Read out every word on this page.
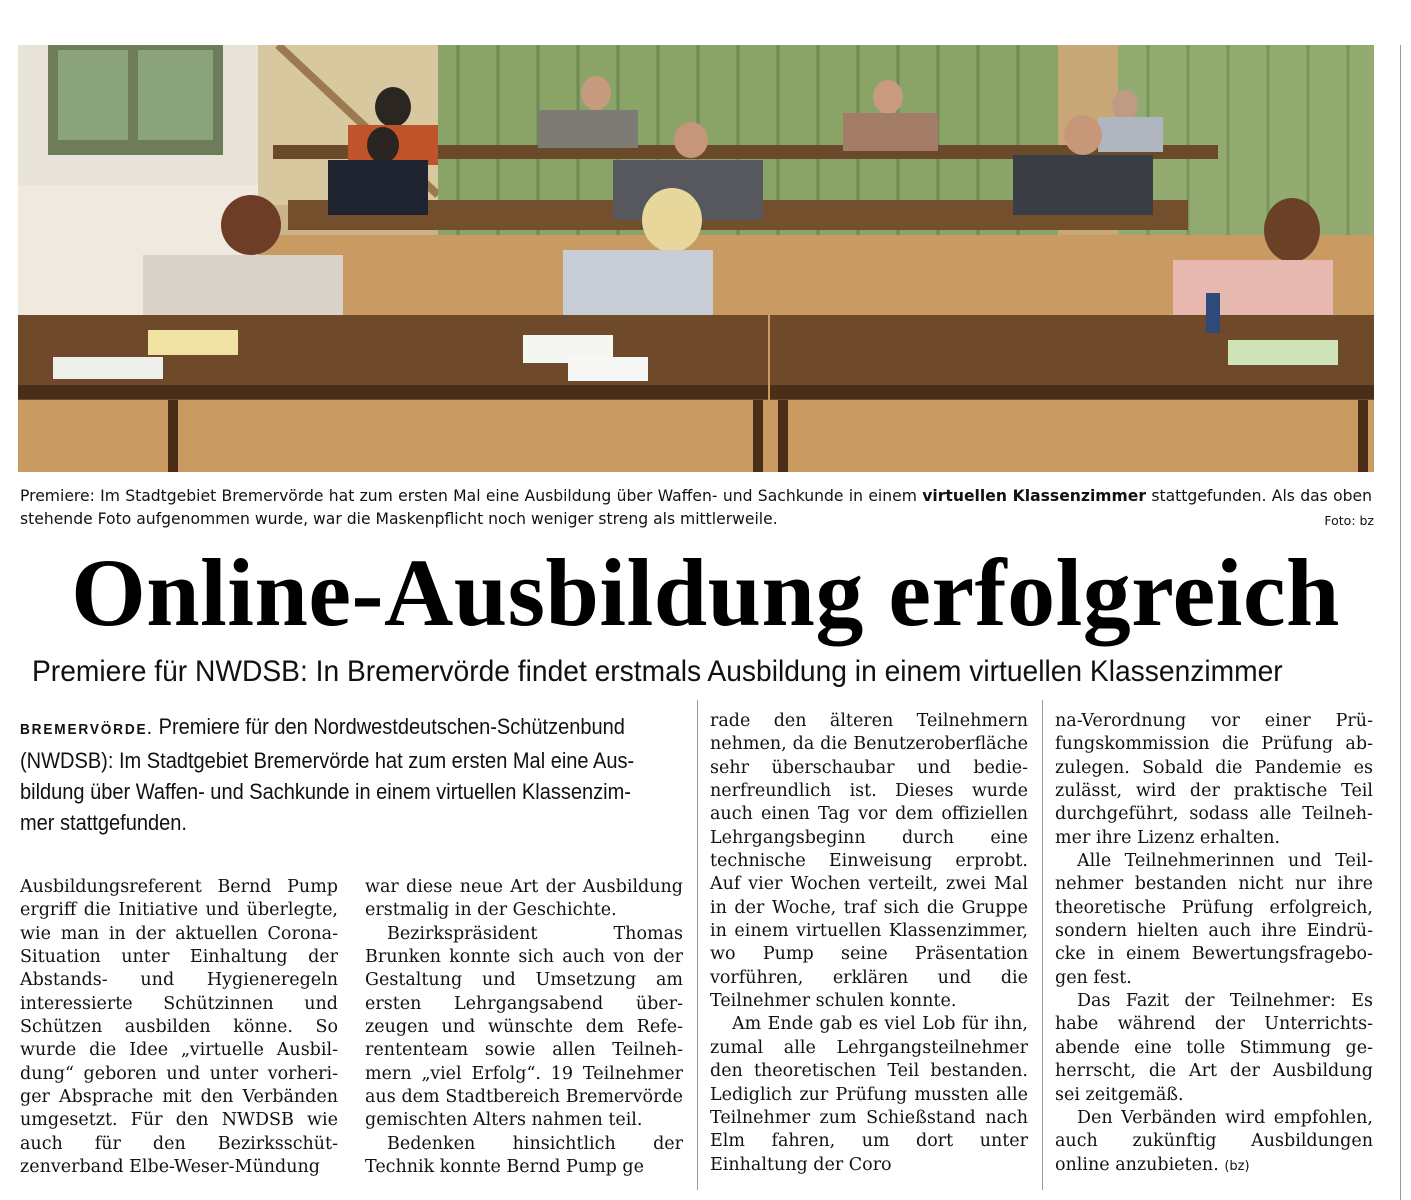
Premiere: Im Stadtgebiet Bremervörde hat zum ersten Mal eine Ausbildung über Waffen- und Sachkunde in einem virtuellen Klassenzimmer stattgefunden. Als das oben stehende Foto aufgenommen wurde, war die Maskenpflicht noch weniger streng als mittlerweile.	Foto: bz
Online-Ausbildung erfolgreich
Premiere für NWDSB: In Bremervörde findet erstmals Ausbildung in einem virtuellen Klassenzimmer
BREMERVÖRDE. Premiere für den Nordwestdeutschen-Schützenbund (NWDSB): Im Stadtgebiet Bremervörde hat zum ersten Mal eine Ausbildung über Waffen- und Sachkunde in einem virtuellen Klassenzimmer stattgefunden.

Ausbildungsreferent Bernd Pump ergriff die Initiative und überlegte, wie man in der aktuellen Corona-Situation unter Einhaltung der Abstands- und Hygieneregeln interessierte Schützinnen und Schützen ausbilden könne. So wurde die Idee „virtuelle Ausbildung“ geboren und unter vorheriger Absprache mit den Verbänden umgesetzt. Für den NWDSB wie auch für den Bezirksschützenverband Elbe-Weser-Mündung

war diese neue Art der Ausbildung erstmalig in der Geschichte.

Bezirkspräsident Thomas Brunken konnte sich auch von der Gestaltung und Umsetzung am ersten Lehrgangsabend überzeugen und wünschte dem Referententeam sowie allen Teilnehmern „viel Erfolg“. 19 Teilnehmer aus dem Stadtbereich Bremervörde gemischten Alters nahmen teil.

Bedenken hinsichtlich der Technik konnte Bernd Pump ge

rade den älteren Teilnehmern nehmen, da die Benutzeroberfläche sehr überschaubar und bedienerfreundlich ist. Dieses wurde auch einen Tag vor dem offiziellen Lehrgangsbeginn durch eine technische Einweisung erprobt. Auf vier Wochen verteilt, zwei Mal in der Woche, traf sich die Gruppe in einem virtuellen Klassenzimmer, wo Pump seine Präsentation vorführen, erklären und die Teilnehmer schulen konnte.

Am Ende gab es viel Lob für ihn, zumal alle Lehrgangsteilnehmer den theoretischen Teil bestanden. Lediglich zur Prüfung mussten alle Teilnehmer zum Schießstand nach Elm fahren, um dort unter Einhaltung der Coro

na-Verordnung vor einer Prüfungskommission die Prüfung abzulegen. Sobald die Pandemie es zulässt, wird der praktische Teil durchgeführt, sodass alle Teilnehmer ihre Lizenz erhalten.

Alle Teilnehmerinnen und Teilnehmer bestanden nicht nur ihre theoretische Prüfung erfolgreich, sondern hielten auch ihre Eindrücke in einem Bewertungsfragebogen fest.

Das Fazit der Teilnehmer: Es habe während der Unterrichtsabende eine tolle Stimmung geherrscht, die Art der Ausbildung sei zeitgemäß.

Den Verbänden wird empfohlen, auch zukünftig Ausbildungen online anzubieten. (bz)
